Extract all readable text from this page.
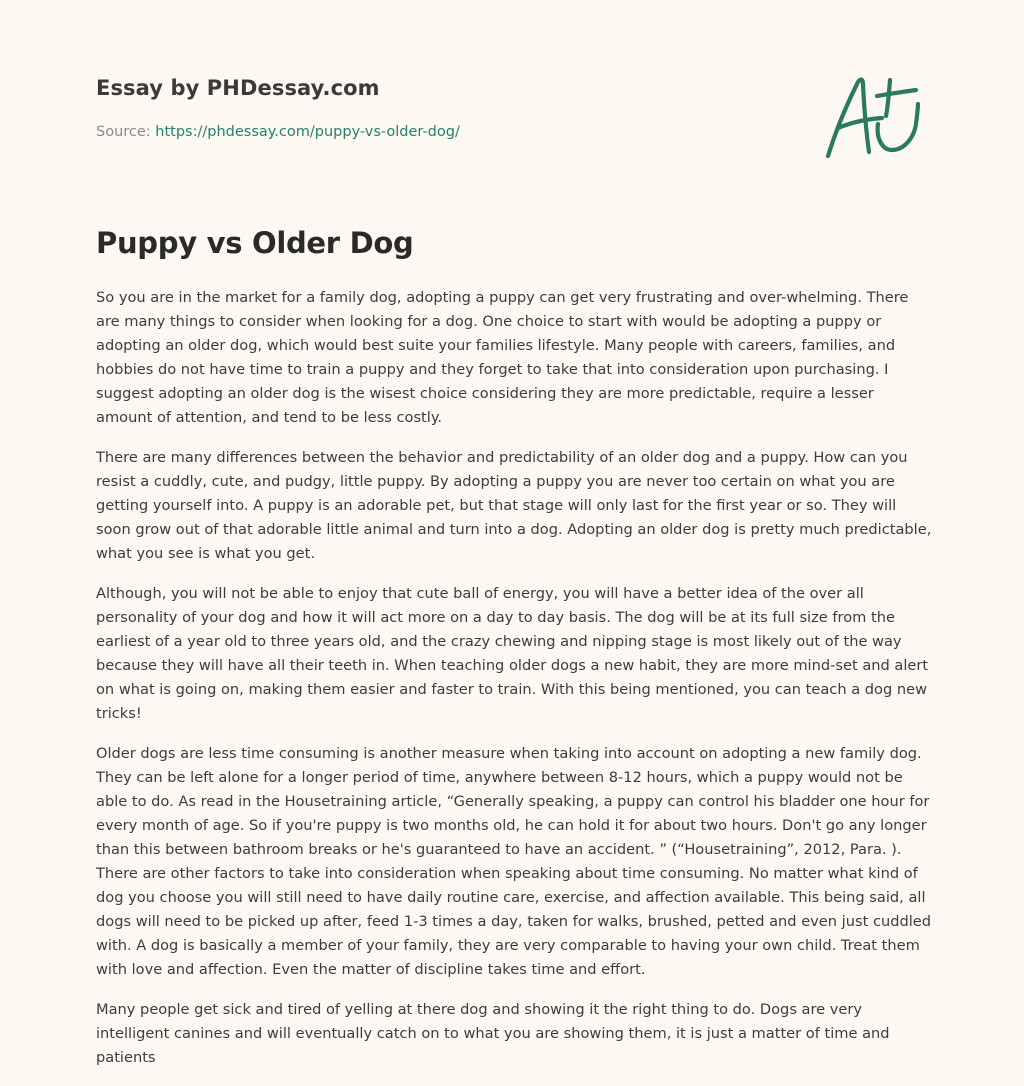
Essay by PHDessay.com
Source: https://phdessay.com/puppy-vs-older-dog/
Puppy vs Older Dog

So you are in the market for a family dog, adopting a puppy can get very frustrating and over-whelming. There are many things to consider when looking for a dog. One choice to start with would be adopting a puppy or adopting an older dog, which would best suite your families lifestyle. Many people with careers, families, and hobbies do not have time to train a puppy and they forget to take that into consideration upon purchasing. I suggest adopting an older dog is the wisest choice considering they are more predictable, require a lesser amount of attention, and tend to be less costly.

There are many differences between the behavior and predictability of an older dog and a puppy. How can you resist a cuddly, cute, and pudgy, little puppy. By adopting a puppy you are never too certain on what you are getting yourself into. A puppy is an adorable pet, but that stage will only last for the first year or so. They will soon grow out of that adorable little animal and turn into a dog. Adopting an older dog is pretty much predictable, what you see is what you get.

Although, you will not be able to enjoy that cute ball of energy, you will have a better idea of the over all personality of your dog and how it will act more on a day to day basis. The dog will be at its full size from the earliest of a year old to three years old, and the crazy chewing and nipping stage is most likely out of the way because they will have all their teeth in. When teaching older dogs a new habit, they are more mind-set and alert on what is going on, making them easier and faster to train. With this being mentioned, you can teach a dog new tricks!

Older dogs are less time consuming is another measure when taking into account on adopting a new family dog. They can be left alone for a longer period of time, anywhere between 8-12 hours, which a puppy would not be able to do. As read in the Housetraining article, “Generally speaking, a puppy can control his bladder one hour for every month of age. So if you're puppy is two months old, he can hold it for about two hours. Don't go any longer than this between bathroom breaks or he's guaranteed to have an accident. ” (“Housetraining”, 2012, Para. ). There are other factors to take into consideration when speaking about time consuming. No matter what kind of dog you choose you will still need to have daily routine care, exercise, and affection available. This being said, all dogs will need to be picked up after, feed 1-3 times a day, taken for walks, brushed, petted and even just cuddled with. A dog is basically a member of your family, they are very comparable to having your own child. Treat them with love and affection. Even the matter of discipline takes time and effort.

Many people get sick and tired of yelling at there dog and showing it the right thing to do. Dogs are very intelligent canines and will eventually catch on to what you are showing them, it is just a matter of time and patients
